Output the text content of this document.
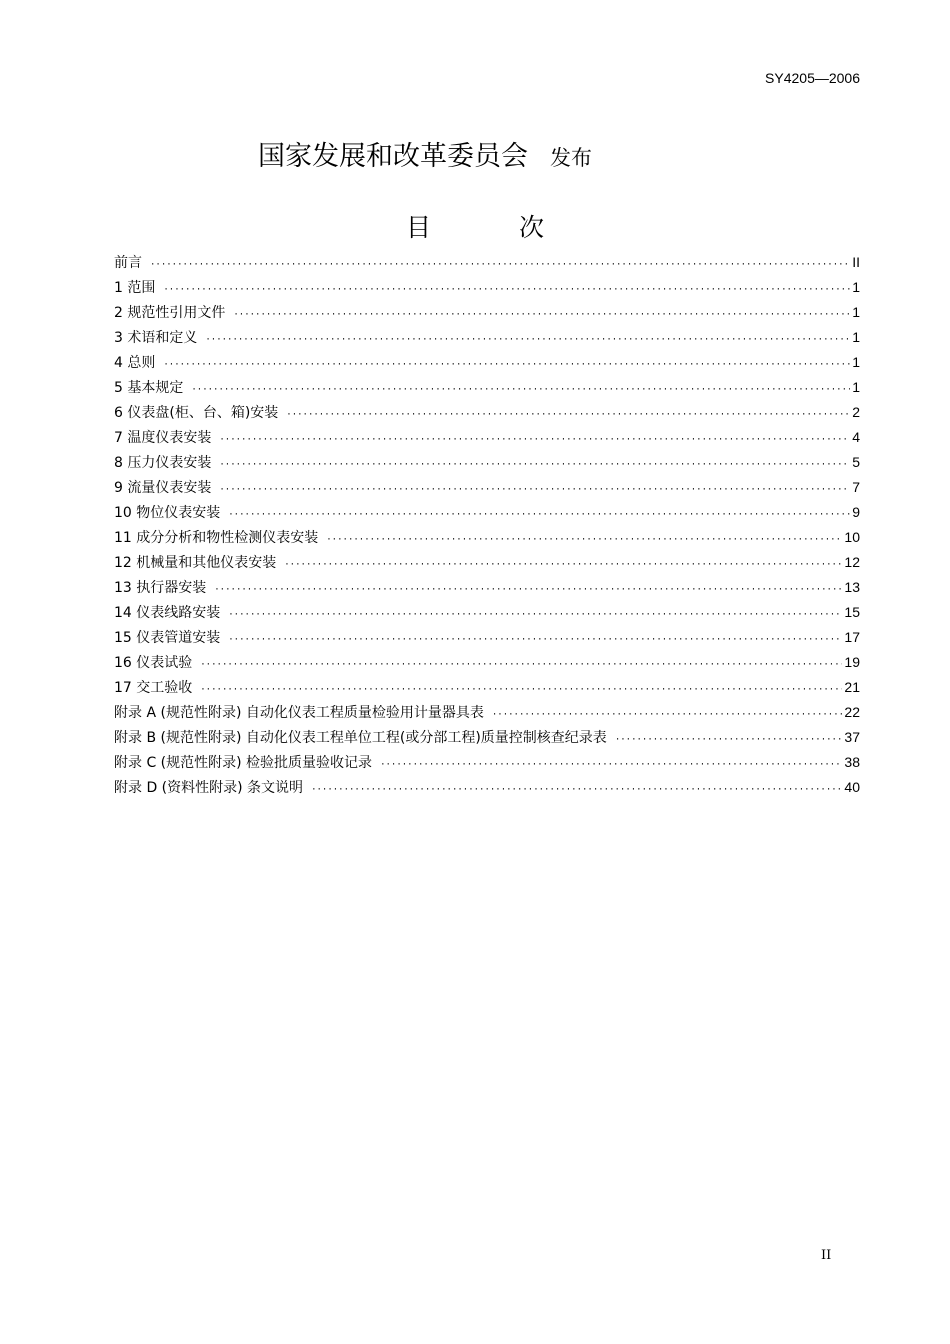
SY4205—2006
国家发展和改革委员会 发布
目 次
前言 ·····	II
1 范围 ·····	1
2 规范性引用文件 ·····	1
3 术语和定义 ·····	1
4 总则 ·····	1
5 基本规定 ·····	1
6 仪表盘(柜、台、箱)安装 ·····	2
7 温度仪表安装 ·····	4
8 压力仪表安装 ·····	5
9 流量仪表安装 ·····	7
10 物位仪表安装 ·····	9
11 成分分析和物性检测仪表安装 ·····	10
12 机械量和其他仪表安装 ·····	12
13 执行器安装 ·····	13
14 仪表线路安装 ·····	15
15 仪表管道安装 ·····	17
16 仪表试验 ·····	19
17 交工验收 ·····	21
附录 A (规范性附录) 自动化仪表工程质量检验用计量器具表 ·····	22
附录 B (规范性附录) 自动化仪表工程单位工程(或分部工程)质量控制核查纪录表 ·····	37
附录 C (规范性附录) 检验批质量验收记录 ·····	38
附录 D (资料性附录) 条文说明 ·····	40
II
